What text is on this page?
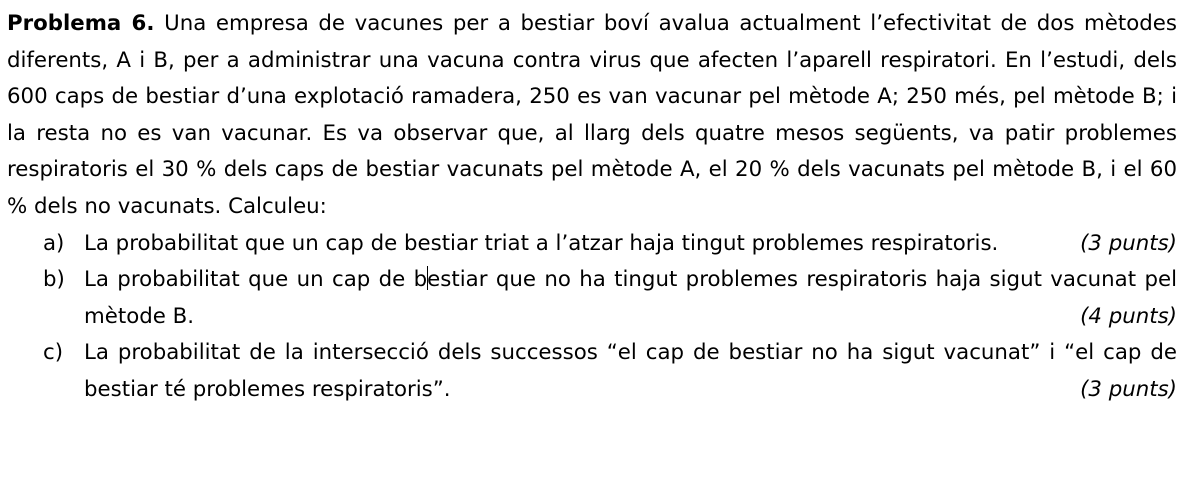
Problema 6. Una empresa de vacunes per a bestiar boví avalua actualment l’efectivitat de dos mètodes diferents, A i B, per a administrar una vacuna contra virus que afecten l’aparell respiratori. En l’estudi, dels 600 caps de bestiar d’una explotació ramadera, 250 es van vacunar pel mètode A; 250 més, pel mètode B; i la resta no es van vacunar. Es va observar que, al llarg dels quatre mesos següents, va patir problemes respiratoris el 30 % dels caps de bestiar vacunats pel mètode A, el 20 % dels vacunats pel mètode B, i el 60 % dels no vacunats. Calculeu:

a) La probabilitat que un cap de bestiar triat a l’atzar haja tingut problemes respiratoris.	(3 punts)
b) La probabilitat que un cap de bestiar que no ha tingut problemes respiratoris haja sigut vacunat pel mètode B.	(4 punts)
c) La probabilitat de la intersecció dels successos “el cap de bestiar no ha sigut vacunat” i “el cap de bestiar té problemes respiratoris”.	(3 punts)
